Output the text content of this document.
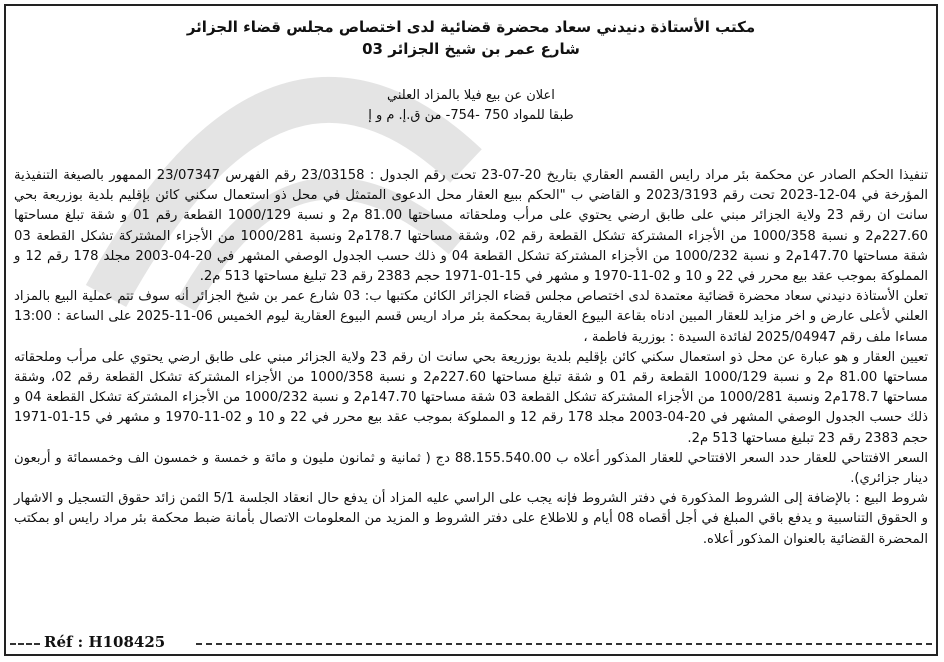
مكتب الأستاذة دنيدني سعاد محضرة قضائية لدى اختصاص مجلس قضاء الجزائر
03 شارع عمر بن شيخ الجزائر
اعلان عن بيع فيلا بالمزاد العلني
طبقا للمواد 750 -754- من ق.إ. م و إ

تنفيذا الحكم الصادر عن محكمة بئر مراد رايس القسم العقاري بتاريخ 20-07-23 تحت رقم الجدول : 23/03158 رقم الفهرس 23/07347 الممهور بالصيغة التنفيذية المؤرخة في 04-12-2023 تحت رقم 2023/3193 و القاضي ب "الحكم ببيع العقار محل الدعوى المتمثل في محل ذو استعمال سكني كائن بإقليم بلدية بوزريعة بحي سانت ان رقم 23 ولاية الجزائر مبني على طابق ارضي يحتوي على مرأب وملحقاته مساحتها 81.00 م2 و نسبة 1000/129 القطعة رقم 01 و شقة تبلغ مساحتها 227.60م2 و نسبة 1000/358 من الأجزاء المشتركة تشكل القطعة رقم 02، وشقة مساحتها 178.7م2 ونسبة 1000/281 من الأجزاء المشتركة تشكل القطعة 03 شقة مساحتها 147.70م2 و نسبة 1000/232 من الأجزاء المشتركة تشكل القطعة 04 و ذلك حسب الجدول الوصفي المشهر في 20-04-2003 مجلد 178 رقم 12 و المملوكة بموجب عقد بيع محرر في 22 و 10 و 02-11-1970 و مشهر في 15-01-1971 حجم 2383 رقم 23 تبليغ مساحتها 513 م2.

تعلن الأستاذة دنيدني سعاد محضرة قضائية معتمدة لدى اختصاص مجلس قضاء الجزائر الكائن مكتبها ب: 03 شارع عمر بن شيخ الجزائر أنه سوف تتم عملية البيع بالمزاد العلني لأعلى عارض و اخر مزايد للعقار المبين ادناه بقاعة البيوع العقارية بمحكمة بئر مراد اريس قسم البيوع العقارية ليوم الخميس 06-11-2025 على الساعة : 13:00 مساءا ملف رقم 2025/04947 لفائدة السيدة : بوزرية فاطمة ،

تعيين العقار و هو عبارة عن محل ذو استعمال سكني كائن بإقليم بلدية بوزريعة بحي سانت ان رقم 23 ولاية الجزائر مبني على طابق ارضي يحتوي على مرأب وملحقاته مساحتها 81.00 م2 و نسبة 1000/129 القطعة رقم 01 و شقة تبلغ مساحتها 227.60م2 و نسبة 1000/358 من الأجزاء المشتركة تشكل القطعة رقم 02، وشقة مساحتها 178.7م2 ونسبة 1000/281 من الأجزاء المشتركة تشكل القطعة 03 شقة مساحتها 147.70م2 و نسبة 1000/232 من الأجزاء المشتركة تشكل القطعة 04 و ذلك حسب الجدول الوصفي المشهر في 20-04-2003 مجلد 178 رقم 12 و المملوكة بموجب عقد بيع محرر في 22 و 10 و 02-11-1970 و مشهر في 15-01-1971 حجم 2383 رقم 23 تبليغ مساحتها 513 م2.

السعر الافتتاحي للعقار حدد السعر الافتتاحي للعقار المذكور أعلاه ب 88.155.540.00 دج ( ثمانية و ثمانون مليون و مائة و خمسة و خمسون الف وخمسمائة و أربعون دينار جزائري).

شروط البيع : بالإضافة إلى الشروط المذكورة في دفتر الشروط فإنه يجب على الراسي عليه المزاد أن يدفع حال انعقاد الجلسة 5/1 الثمن زائد حقوق التسجيل و الاشهار و الحقوق التناسبية و يدفع باقي المبلغ في أجل أقصاه 08 أيام و للاطلاع على دفتر الشروط و المزيد من المعلومات الاتصال بأمانة ضبط محكمة بئر مراد رايس او بمكتب المحضرة القضائية بالعنوان المذكور أعلاه.

Réf : H108425
